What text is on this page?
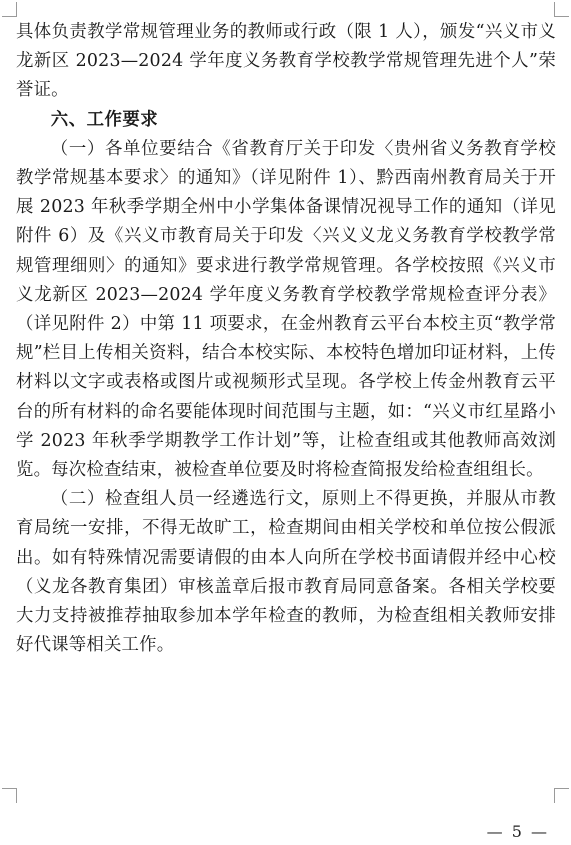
具体负责教学常规管理业务的教师或行政（限 1 人），颁发“兴义市义龙新区 2023—2024 学年度义务教育学校教学常规管理先进个人”荣誉证。

六、工作要求

（一）各单位要结合《省教育厅关于印发〈贵州省义务教育学校教学常规基本要求〉的通知》（详见附件 1）、黔西南州教育局关于开展 2023 年秋季学期全州中小学集体备课情况视导工作的通知（详见附件 6）及《兴义市教育局关于印发〈兴义义龙义务教育学校教学常规管理细则〉的通知》要求进行教学常规管理。各学校按照《兴义市义龙新区 2023—2024 学年度义务教育学校教学常规检查评分表》（详见附件 2）中第 11 项要求，在金州教育云平台本校主页“教学常规”栏目上传相关资料，结合本校实际、本校特色增加印证材料，上传材料以文字或表格或图片或视频形式呈现。各学校上传金州教育云平台的所有材料的命名要能体现时间范围与主题，如：“兴义市红星路小学 2023 年秋季学期教学工作计划”等，让检查组或其他教师高效浏览。每次检查结束，被检查单位要及时将检查简报发给检查组组长。

（二）检查组人员一经遴选行文，原则上不得更换，并服从市教育局统一安排，不得无故旷工，检查期间由相关学校和单位按公假派出。如有特殊情况需要请假的由本人向所在学校书面请假并经中心校（义龙各教育集团）审核盖章后报市教育局同意备案。各相关学校要大力支持被推荐抽取参加本学年检查的教师，为检查组相关教师安排好代课等相关工作。

— 5 —
